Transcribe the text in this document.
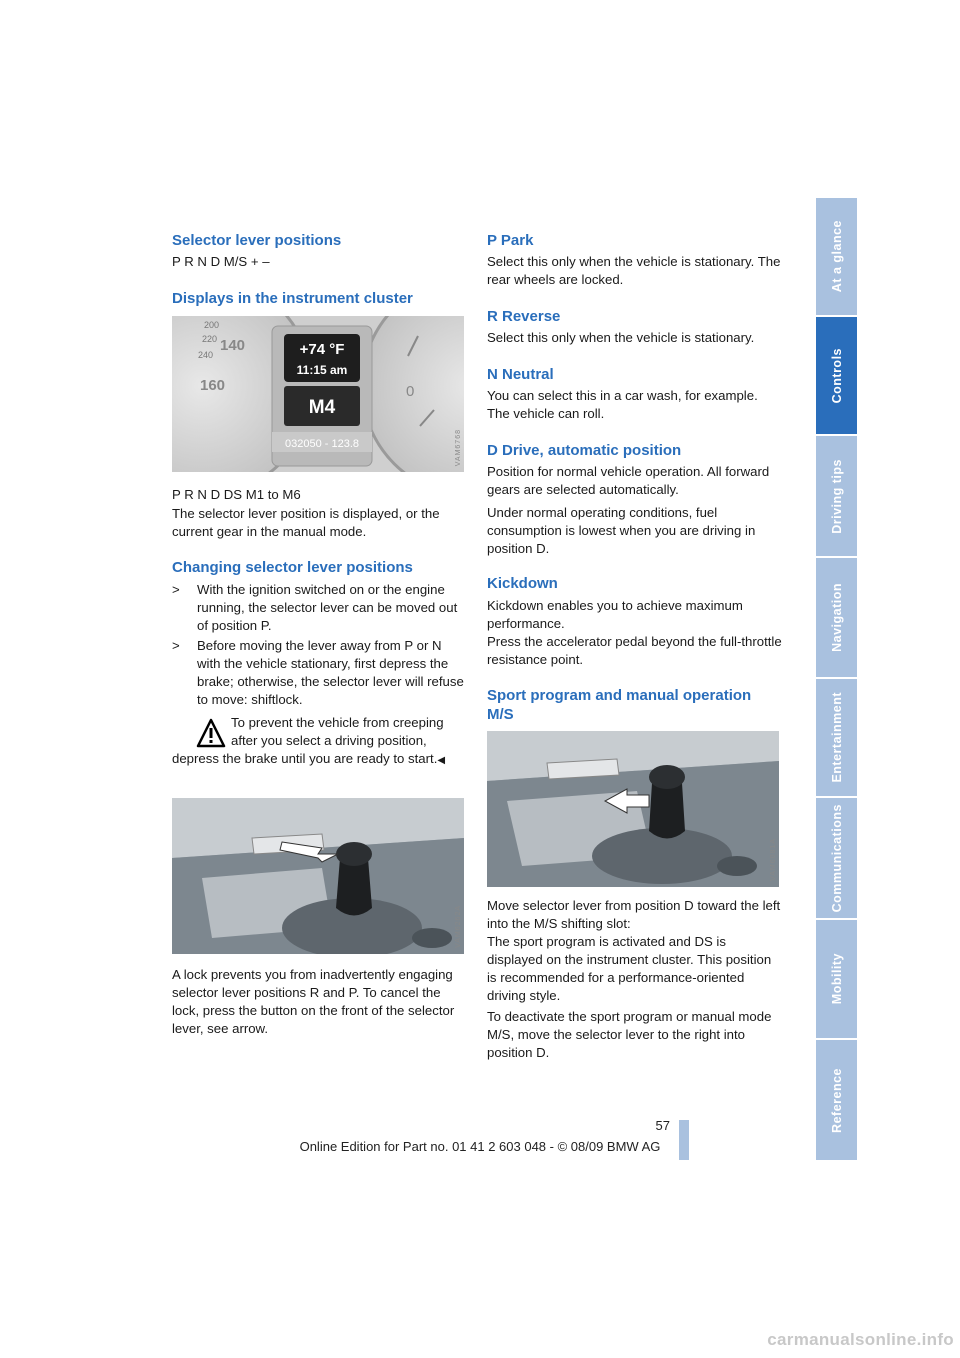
At a glance
Controls
Driving tips
Navigation
Entertainment
Communications
Mobility
Reference
Selector lever positions

P R N D M/S + –

Displays in the instrument cluster
220
240
200
140
160	0
+74 °F
11:15 am
M4
032050 - 123.8	VAM6768

P R N D DS M1 to M6

The selector lever position is displayed, or the current gear in the manual mode.

Changing selector lever positions
>	With the ignition switched on or the engine running, the selector lever can be moved out of position P.
>	Before moving the lever away from P or N with the vehicle stationary, first depress the brake; otherwise, the selector lever will refuse to move: shiftlock.
To prevent the vehicle from creeping
after you select a driving position,
depress the brake until you are ready to start.◀
VAM6262A

A lock prevents you from inadvertently engaging selector lever positions R and P. To cancel the lock, press the button on the front of the selector lever, see arrow.

P Park

Select this only when the vehicle is stationary. The rear wheels are locked.

R Reverse

Select this only when the vehicle is stationary.

N Neutral

You can select this in a car wash, for example. The vehicle can roll.

D Drive, automatic position

Position for normal vehicle operation. All forward gears are selected automatically.

Under normal operating conditions, fuel consumption is lowest when you are driving in position D.

Kickdown

Kickdown enables you to achieve maximum performance.

Press the accelerator pedal beyond the full-throttle resistance point.

Sport program and manual operation M/S
VAM6081A

Move selector lever from position D toward the left into the M/S shifting slot:

The sport program is activated and DS is displayed on the instrument cluster. This position is recommended for a performance-oriented driving style.

To deactivate the sport program or manual mode M/S, move the selector lever to the right into position D.

57
Online Edition for Part no. 01 41 2 603 048 - © 08/09 BMW AG
carmanualsonline.info
